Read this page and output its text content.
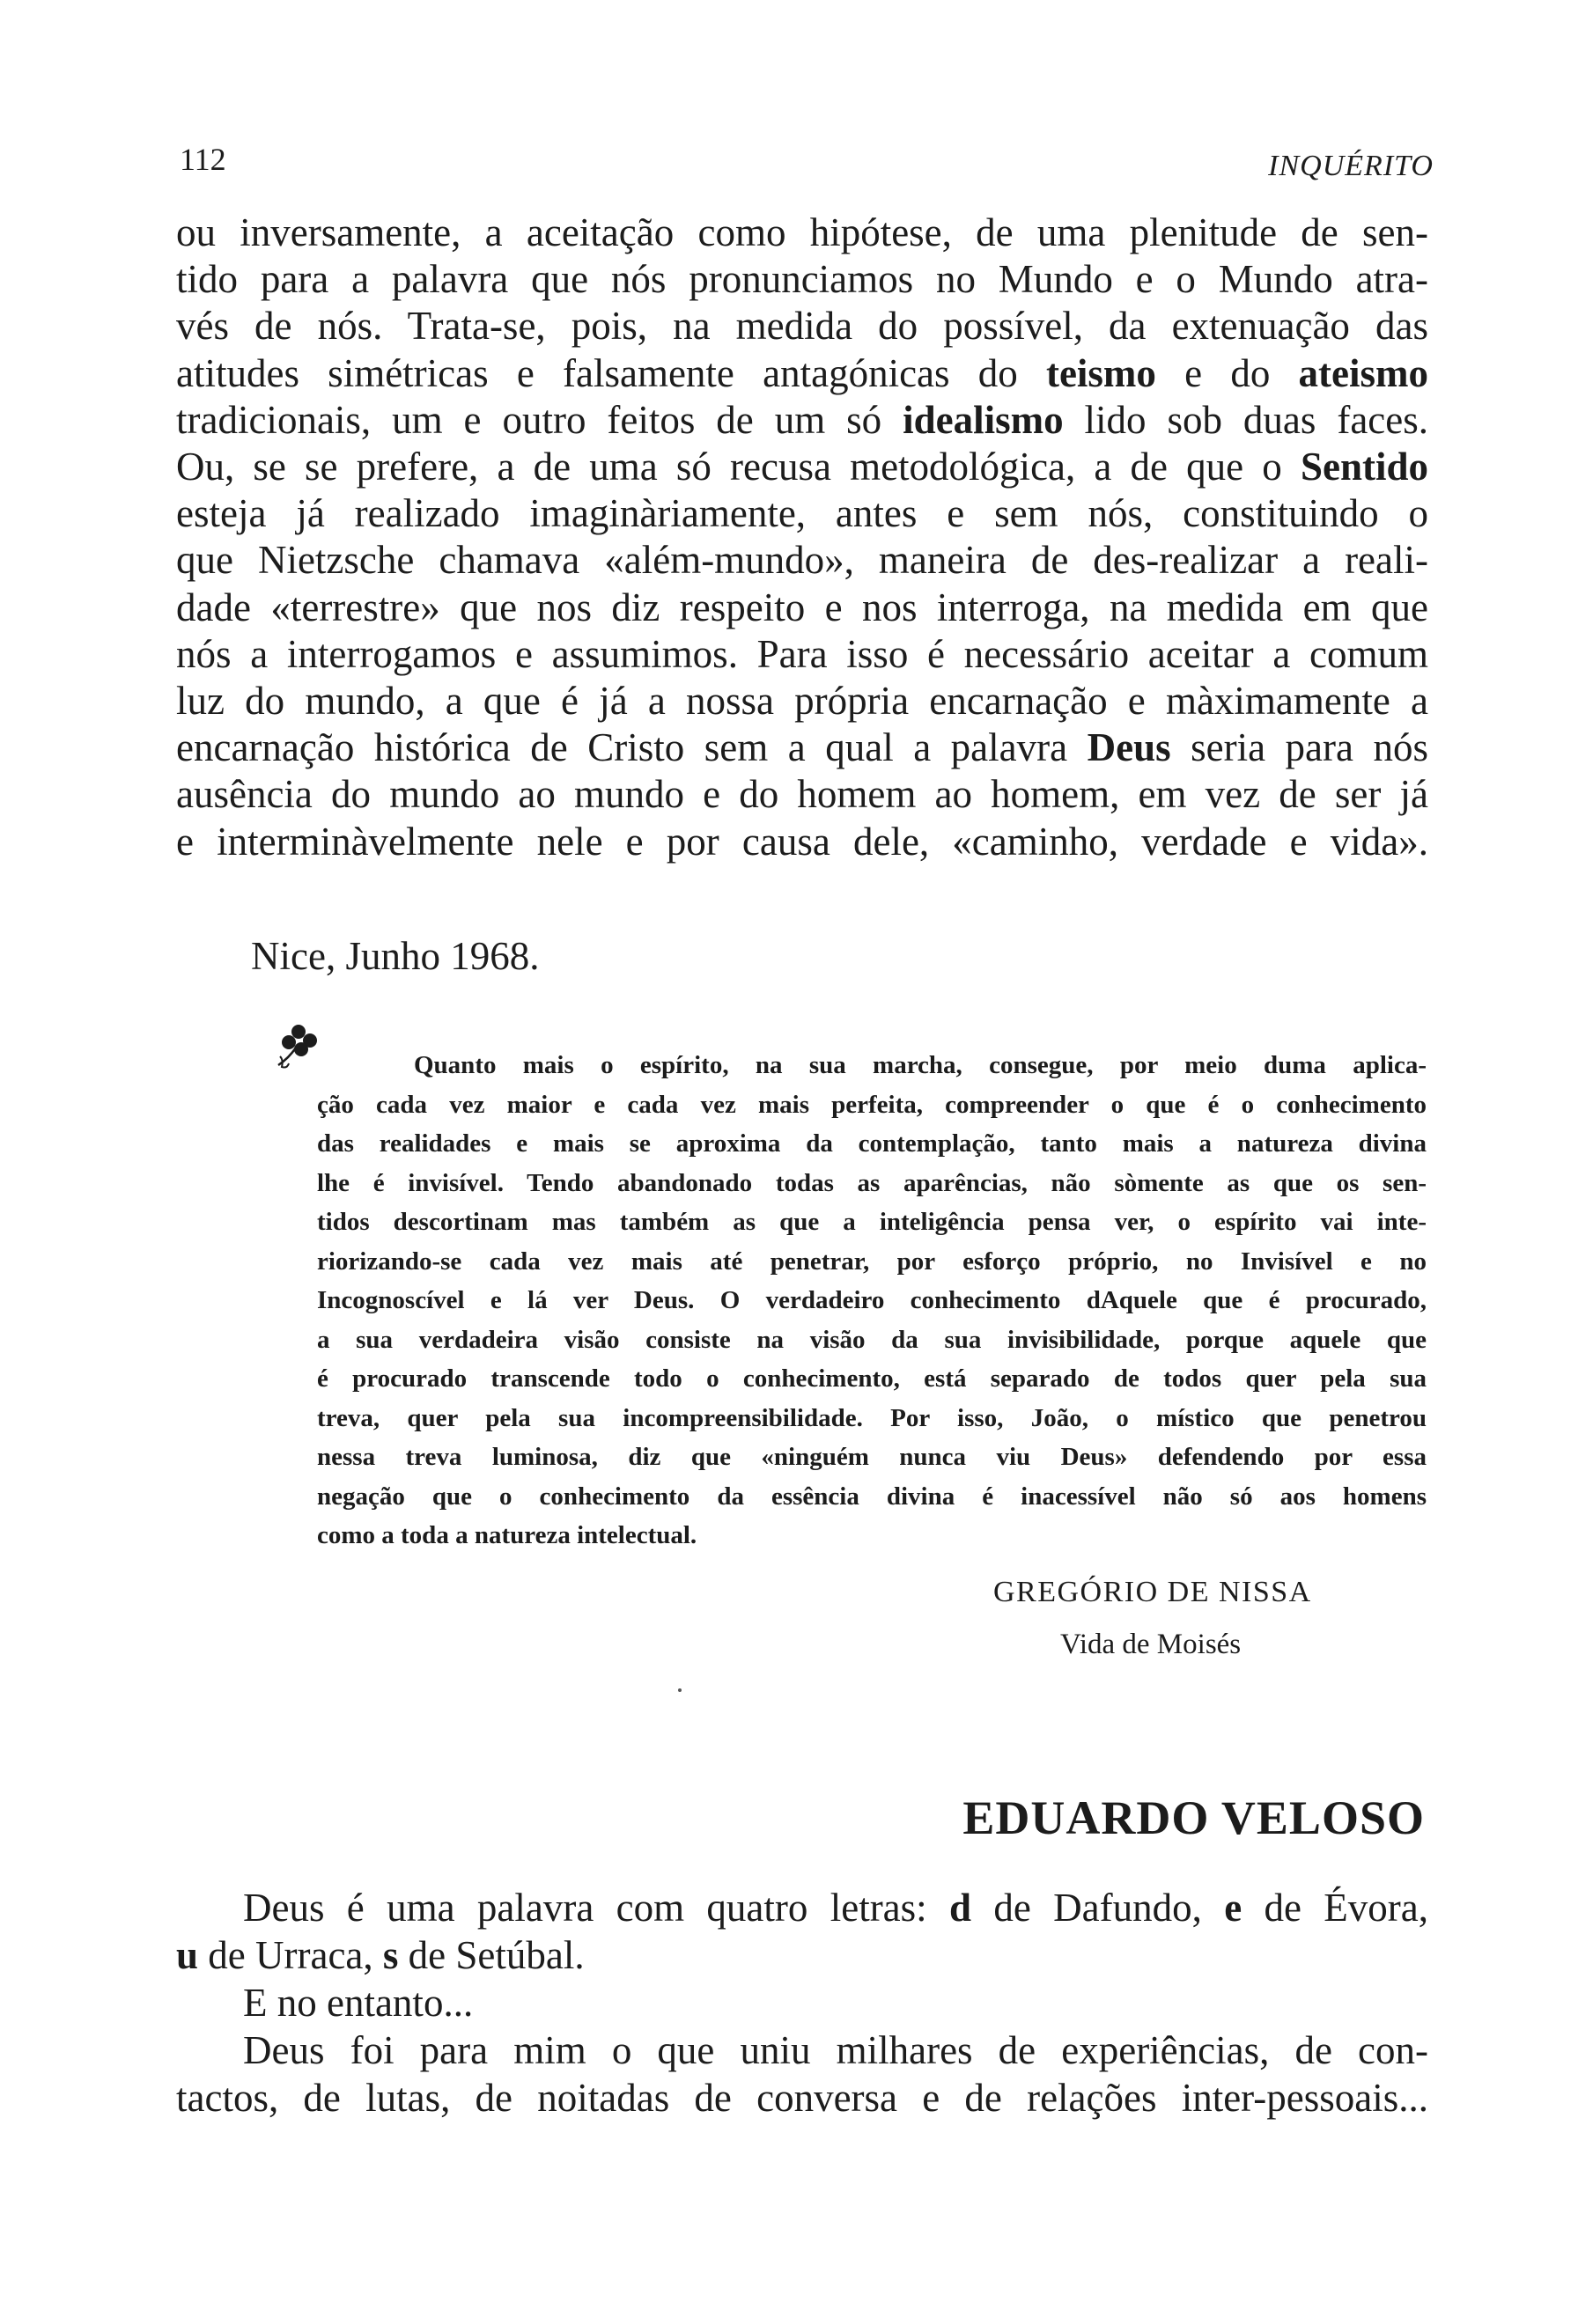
112	INQUÉRITO
ou inversamente, a aceitação como hipótese, de uma plenitude de sen-
tido para a palavra que nós pronunciamos no Mundo e o Mundo atra-
vés de nós. Trata-se, pois, na medida do possível, da extenuação das
atitudes simétricas e falsamente antagónicas do teismo e do ateismo
tradicionais, um e outro feitos de um só idealismo lido sob duas faces.
Ou, se se prefere, a de uma só recusa metodológica, a de que o Sentido
esteja já realizado imaginàriamente, antes e sem nós, constituindo o
que Nietzsche chamava «além-mundo», maneira de des-realizar a reali-
dade «terrestre» que nos diz respeito e nos interroga, na medida em que
nós a interrogamos e assumimos. Para isso é necessário aceitar a comum
luz do mundo, a que é já a nossa própria encarnação e màximamente a
encarnação histórica de Cristo sem a qual a palavra Deus seria para nós
ausência do mundo ao mundo e do homem ao homem, em vez de ser já
e interminàvelmente nele e por causa dele, «caminho, verdade e vida».

Nice, Junho 1968.

Quanto mais o espírito, na sua marcha, consegue, por meio duma aplica-
ção cada vez maior e cada vez mais perfeita, compreender o que é o conhecimento
das realidades e mais se aproxima da contemplação, tanto mais a natureza divina
lhe é invisível. Tendo abandonado todas as aparências, não sòmente as que os sen-
tidos descortinam mas também as que a inteligência pensa ver, o espírito vai inte-
riorizando-se cada vez mais até penetrar, por esforço próprio, no Invisível e no
Incognoscível e lá ver Deus. O verdadeiro conhecimento dAquele que é procurado,
a sua verdadeira visão consiste na visão da sua invisibilidade, porque aquele que
é procurado transcende todo o conhecimento, está separado de todos quer pela sua
treva, quer pela sua incompreensibilidade. Por isso, João, o místico que penetrou
nessa treva luminosa, diz que «ninguém nunca viu Deus» defendendo por essa
negação que o conhecimento da essência divina é inacessível não só aos homens
como a toda a natureza intelectual.
GREGÓRIO DE NISSA
Vida de Moisés
EDUARDO VELOSO
Deus é uma palavra com quatro letras: d de Dafundo, e de Évora,
u de Urraca, s de Setúbal.
E no entanto...
Deus foi para mim o que uniu milhares de experiências, de con-
tactos, de lutas, de noitadas de conversa e de relações inter-pessoais...
